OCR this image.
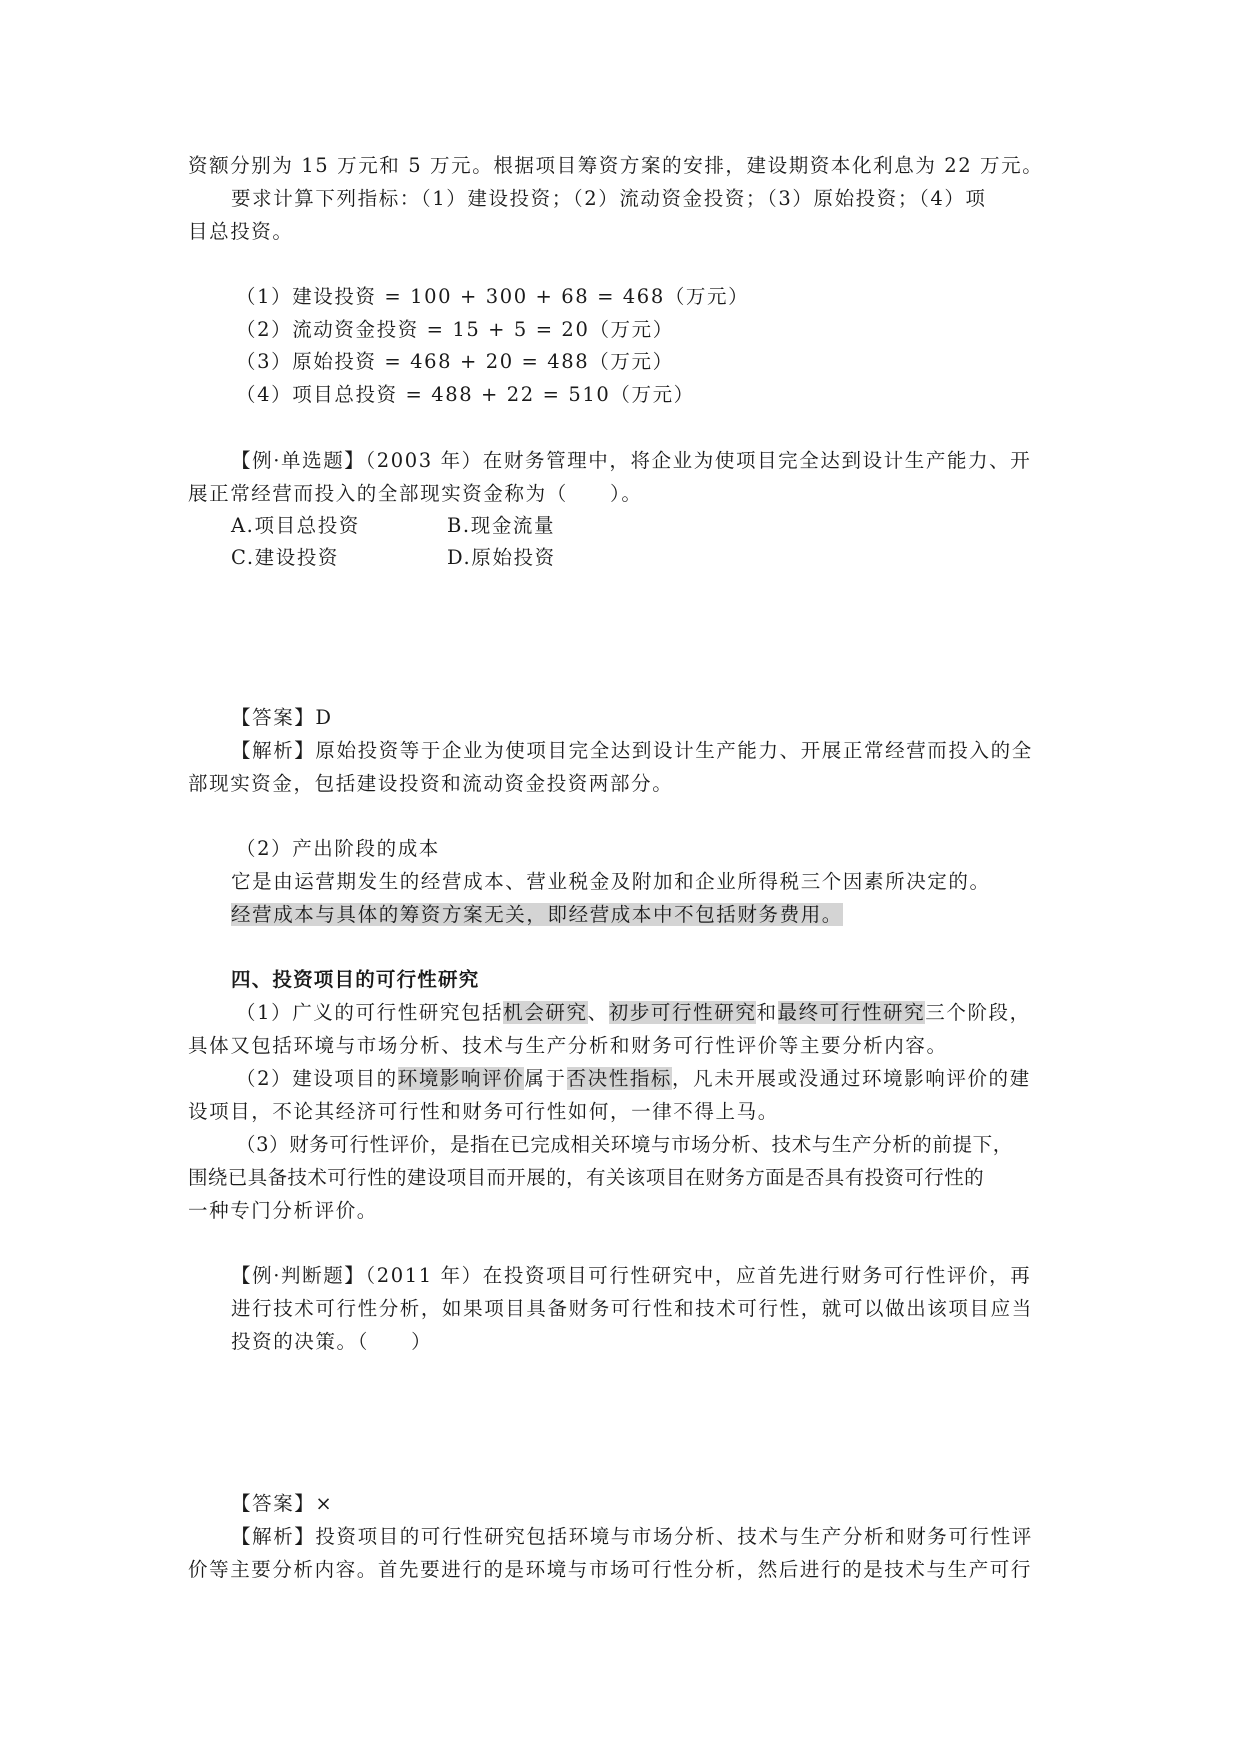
资额分别为 15 万元和 5 万元。根据项目筹资方案的安排，建设期资本化利息为 22 万元。
要求计算下列指标：（1）建设投资；（2）流动资金投资；（3）原始投资；（4）项
目总投资。
（1）建设投资 = 100 + 300 + 68 = 468（万元）
（2）流动资金投资 = 15 + 5 = 20（万元）
（3）原始投资 = 468 + 20 = 488（万元）
（4）项目总投资 = 488 + 22 = 510（万元）
【例·单选题】（2003 年）在财务管理中，将企业为使项目完全达到设计生产能力、开
展正常经营而投入的全部现实资金称为（　　）。
A.项目总投资	B.现金流量
C.建设投资	D.原始投资
【答案】D
【解析】原始投资等于企业为使项目完全达到设计生产能力、开展正常经营而投入的全
部现实资金，包括建设投资和流动资金投资两部分。
（2）产出阶段的成本
它是由运营期发生的经营成本、营业税金及附加和企业所得税三个因素所决定的。
经营成本与具体的筹资方案无关，即经营成本中不包括财务费用。
四、投资项目的可行性研究
（1）广义的可行性研究包括机会研究、初步可行性研究和最终可行性研究三个阶段，
具体又包括环境与市场分析、技术与生产分析和财务可行性评价等主要分析内容。
（2）建设项目的环境影响评价属于否决性指标，凡未开展或没通过环境影响评价的建
设项目，不论其经济可行性和财务可行性如何，一律不得上马。
（3）财务可行性评价，是指在已完成相关环境与市场分析、技术与生产分析的前提下，
围绕已具备技术可行性的建设项目而开展的，有关该项目在财务方面是否具有投资可行性的
一种专门分析评价。
【例·判断题】（2011 年）在投资项目可行性研究中，应首先进行财务可行性评价，再
进行技术可行性分析，如果项目具备财务可行性和技术可行性，就可以做出该项目应当
投资的决策。（　　）
【答案】×
【解析】投资项目的可行性研究包括环境与市场分析、技术与生产分析和财务可行性评
价等主要分析内容。首先要进行的是环境与市场可行性分析，然后进行的是技术与生产可行
